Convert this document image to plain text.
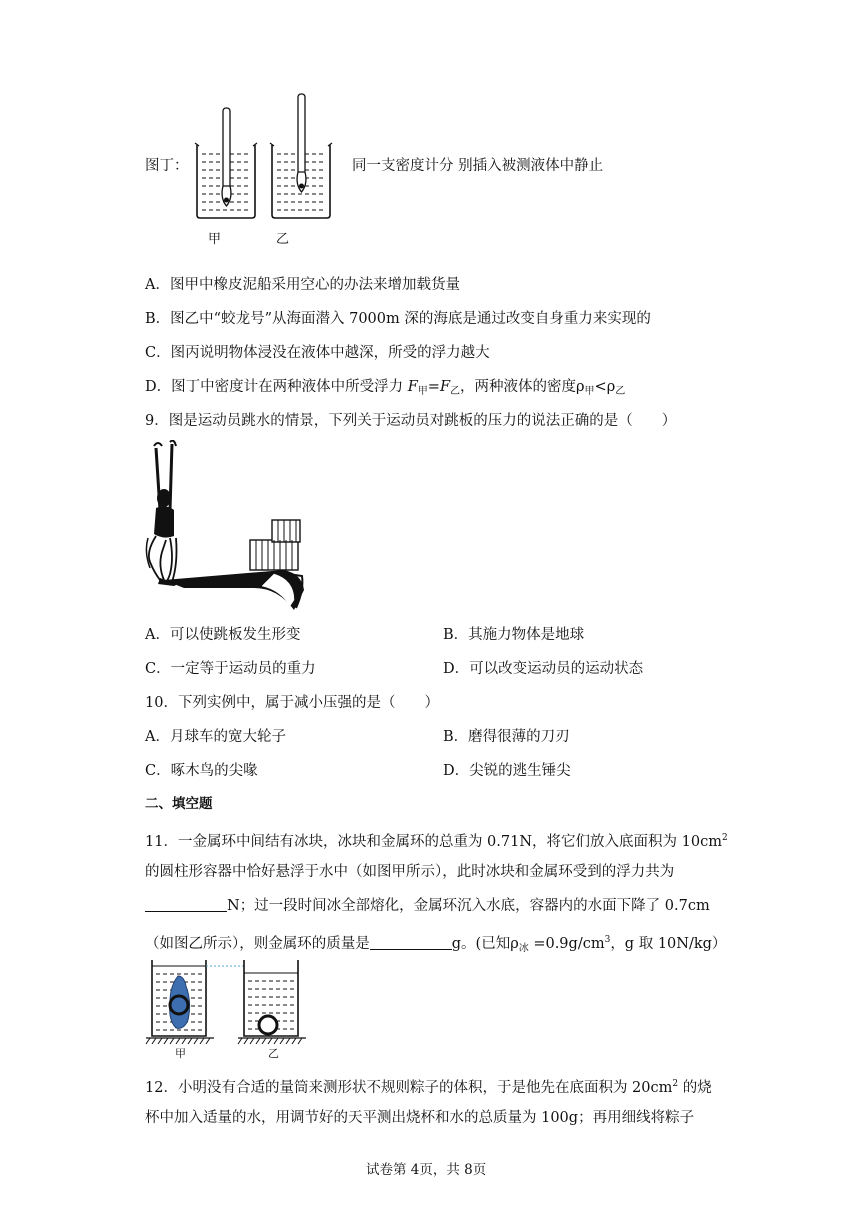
图丁：	同一支密度计分 别插入被测液体中静止
甲	乙
A．图甲中橡皮泥船采用空心的办法来增加载货量
B．图乙中“蛟龙号”从海面潜入 7000m 深的海底是通过改变自身重力来实现的
C．图丙说明物体浸没在液体中越深，所受的浮力越大
D．图丁中密度计在两种液体中所受浮力 $F_甲=F_乙$，两种液体的密度$\rho_甲<\rho_乙$
9．图是运动员跳水的情景，下列关于运动员对跳板的压力的说法正确的是（　　）
A．可以使跳板发生形变	B．其施力物体是地球
C．一定等于运动员的重力	D．可以改变运动员的运动状态
10．下列实例中，属于减小压强的是（　　）
A．月球车的宽大轮子	B．磨得很薄的刀刃
C．啄木鸟的尖喙	D．尖锐的逃生锤尖
二、填空题
11．一金属环中间结有冰块，冰块和金属环的总重为 0.71N，将它们放入底面积为 $10cm^2$
的圆柱形容器中恰好悬浮于水中（如图甲所示），此时冰块和金属环受到的浮力共为
N；过一段时间冰全部熔化，金属环沉入水底，容器内的水面下降了 0.7cm
（如图乙所示），则金属环的质量是	g。(已知$\rho_冰 =0.9g/cm^3$，g 取 10N/kg）
甲	乙
12．小明没有合适的量筒来测形状不规则粽子的体积，于是他先在底面积为 $20cm^2$ 的烧
杯中加入适量的水，用调节好的天平测出烧杯和水的总质量为 100g；再用细线将粽子
试卷第 4页，共 8页
